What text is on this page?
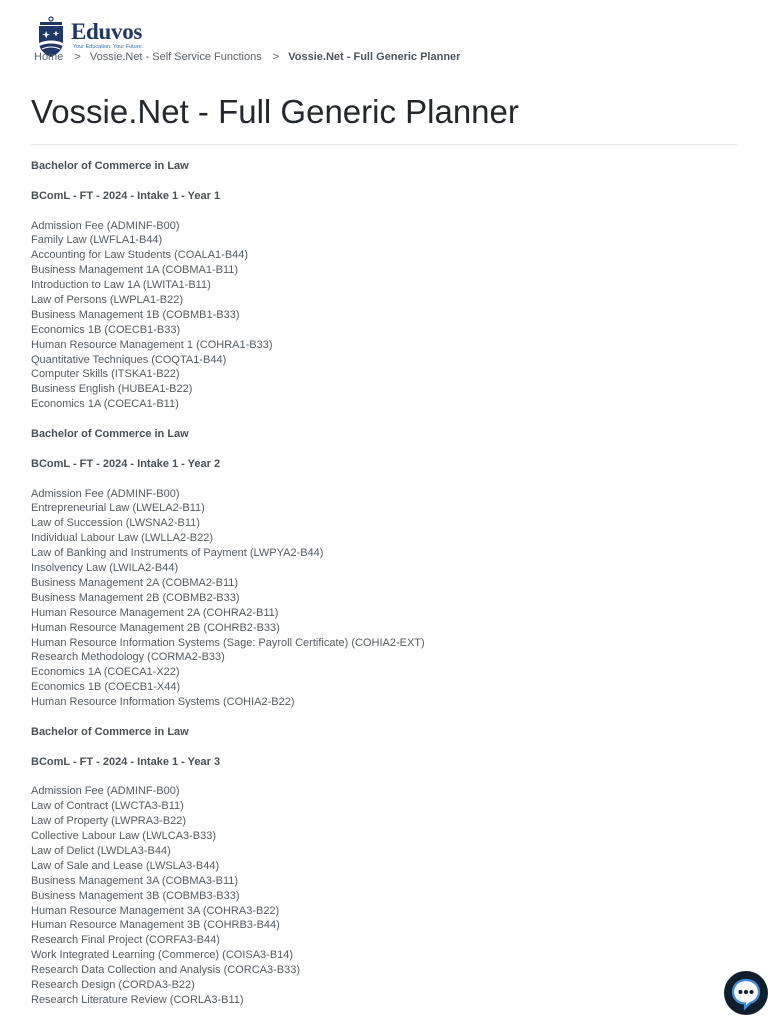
Eduvos
Your Education. Your Future.
Home > Vossie.Net - Self Service Functions > Vossie.Net - Full Generic Planner
Vossie.Net - Full Generic Planner
Bachelor of Commerce in Law
BComL - FT - 2024 - Intake 1 - Year 1
Admission Fee (ADMINF-B00)
Family Law (LWFLA1-B44)
Accounting for Law Students (COALA1-B44)
Business Management 1A (COBMA1-B11)
Introduction to Law 1A (LWITA1-B11)
Law of Persons (LWPLA1-B22)
Business Management 1B (COBMB1-B33)
Economics 1B (COECB1-B33)
Human Resource Management 1 (COHRA1-B33)
Quantitative Techniques (COQTA1-B44)
Computer Skills (ITSKA1-B22)
Business English (HUBEA1-B22)
Economics 1A (COECA1-B11)
Bachelor of Commerce in Law
BComL - FT - 2024 - Intake 1 - Year 2
Admission Fee (ADMINF-B00)
Entrepreneurial Law (LWELA2-B11)
Law of Succession (LWSNA2-B11)
Individual Labour Law (LWLLA2-B22)
Law of Banking and Instruments of Payment (LWPYA2-B44)
Insolvency Law (LWILA2-B44)
Business Management 2A (COBMA2-B11)
Business Management 2B (COBMB2-B33)
Human Resource Management 2A (COHRA2-B11)
Human Resource Management 2B (COHRB2-B33)
Human Resource Information Systems (Sage: Payroll Certificate) (COHIA2-EXT)
Research Methodology (CORMA2-B33)
Economics 1A (COECA1-X22)
Economics 1B (COECB1-X44)
Human Resource Information Systems (COHIA2-B22)
Bachelor of Commerce in Law
BComL - FT - 2024 - Intake 1 - Year 3
Admission Fee (ADMINF-B00)
Law of Contract (LWCTA3-B11)
Law of Property (LWPRA3-B22)
Collective Labour Law (LWLCA3-B33)
Law of Delict (LWDLA3-B44)
Law of Sale and Lease (LWSLA3-B44)
Business Management 3A (COBMA3-B11)
Business Management 3B (COBMB3-B33)
Human Resource Management 3A (COHRA3-B22)
Human Resource Management 3B (COHRB3-B44)
Research Final Project (CORFA3-B44)
Work Integrated Learning (Commerce) (COISA3-B14)
Research Data Collection and Analysis (CORCA3-B33)
Research Design (CORDA3-B22)
Research Literature Review (CORLA3-B11)
